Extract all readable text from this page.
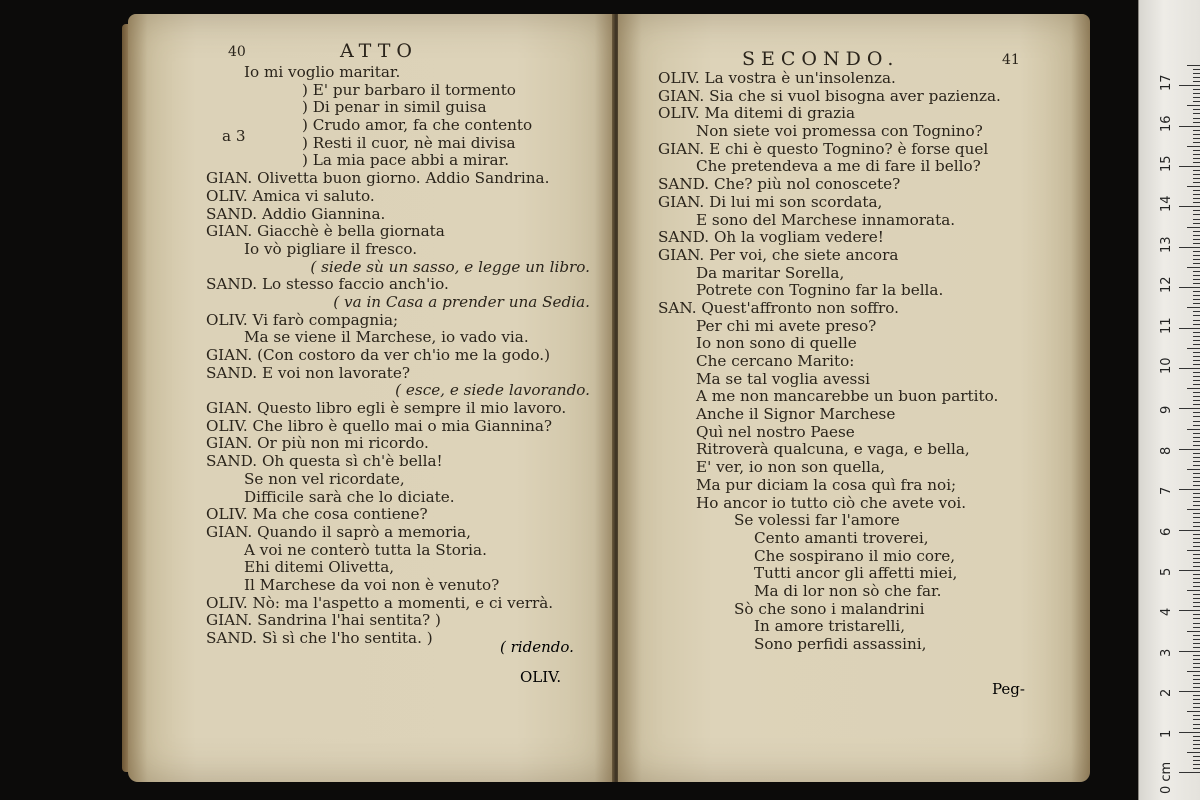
40	ATTO
a 3
Io mi voglio maritar.
) E' pur barbaro il tormento
) Di penar in simil guisa
) Crudo amor, fa che contento
) Resti il cuor, nè mai divisa
) La mia pace abbi a mirar.
GIAN. Olivetta buon giorno. Addio Sandrina.
OLIV. Amica vi saluto.
SAND. Addio Giannina.
GIAN. Giacchè è bella giornata
Io vò pigliare il fresco.
( siede sù un sasso, e legge un libro.
SAND. Lo stesso faccio anch'io.
( va in Casa a prender una Sedia.
OLIV. Vi farò compagnia;
Ma se viene il Marchese, io vado via.
GIAN. (Con costoro da ver ch'io me la godo.)
SAND. E voi non lavorate?
( esce, e siede lavorando.
GIAN. Questo libro egli è sempre il mio lavoro.
OLIV. Che libro è quello mai o mia Giannina?
GIAN. Or più non mi ricordo.
SAND. Oh questa sì ch'è bella!
Se non vel ricordate,
Difficile sarà che lo diciate.
OLIV. Ma che cosa contiene?
GIAN. Quando il saprò a memoria,
A voi ne conterò tutta la Storia.
Ehi ditemi Olivetta,
Il Marchese da voi non è venuto?
OLIV. Nò: ma l'aspetto a momenti, e ci verrà.
GIAN. Sandrina l'hai sentita? )
SAND. Sì sì che l'ho sentita. )	( ridendo.
OLIV.
SECONDO.	41
OLIV. La vostra è un'insolenza.
GIAN. Sia che si vuol bisogna aver pazienza.
OLIV. Ma ditemi di grazia
Non siete voi promessa con Tognino?
GIAN. E chi è questo Tognino? è forse quel
Che pretendeva a me di fare il bello?
SAND. Che? più nol conoscete?
GIAN. Di lui mi son scordata,
E sono del Marchese innamorata.
SAND. Oh la vogliam vedere!
GIAN. Per voi, che siete ancora
Da maritar Sorella,
Potrete con Tognino far la bella.
SAN. Quest'affronto non soffro.
Per chi mi avete preso?
Io non sono di quelle
Che cercano Marito:
Ma se tal voglia avessi
A me non mancarebbe un buon partito.
Anche il Signor Marchese
Quì nel nostro Paese
Ritroverà qualcuna, e vaga, e bella,
E' ver, io non son quella,
Ma pur diciam la cosa quì fra noi;
Ho ancor io tutto ciò che avete voi.
Se volessi far l'amore
Cento amanti troverei,
Che sospirano il mio core,
Tutti ancor gli affetti miei,
Ma di lor non sò che far.
Sò che sono i malandrini
In amore tristarelli,
Sono perfidi assassini,
Peg-
0 cm
1
2
3
4
5
6
7
8
9
10
11
12
13
14
15
16
17
